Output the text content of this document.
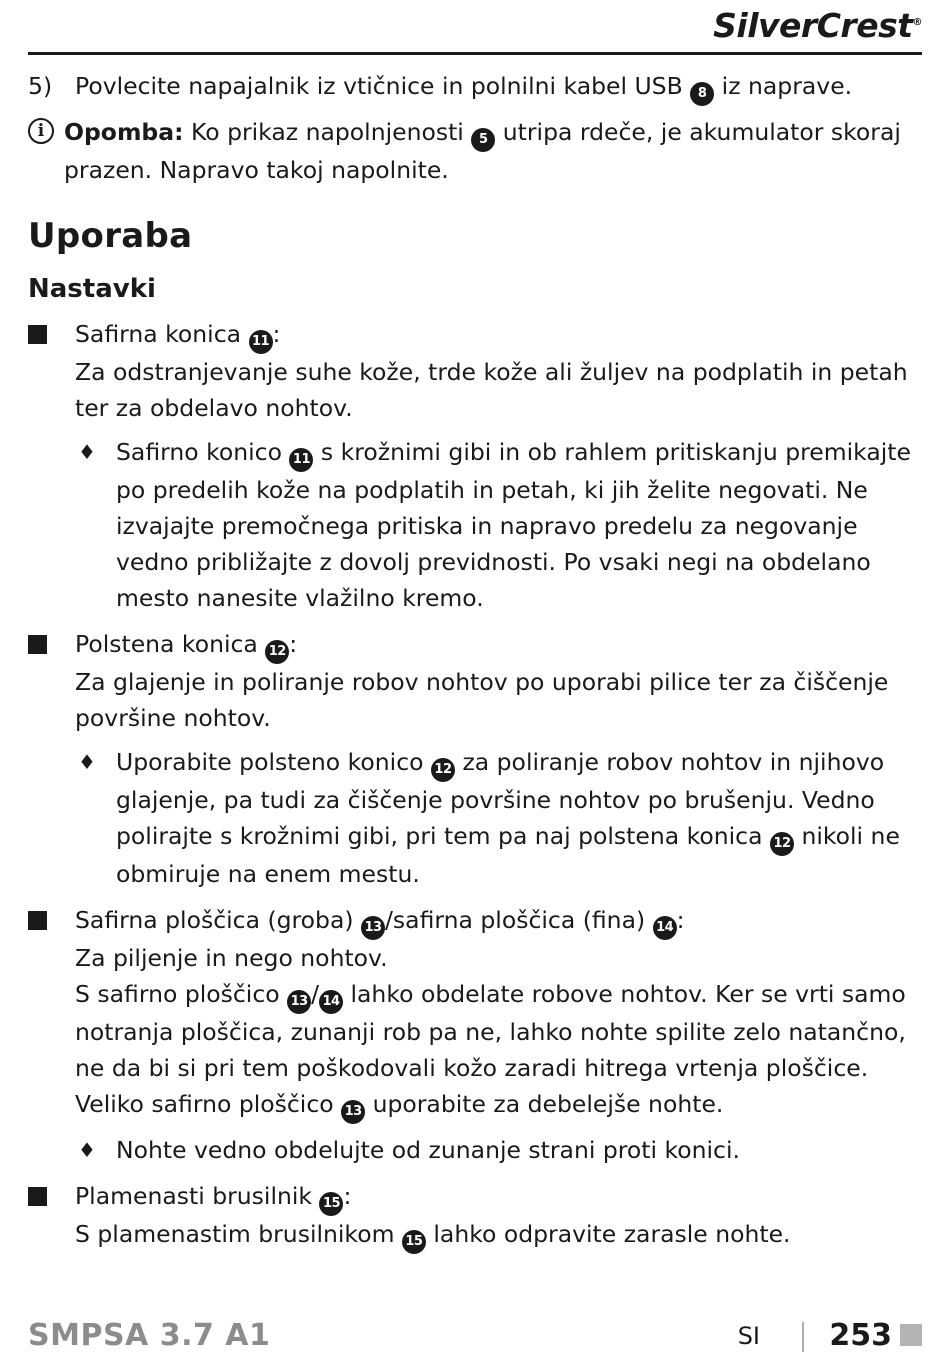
SilverCrest®
5) Povlecite napajalnik iz vtičnice in polnilni kabel USB 8 iz naprave.
i Opomba: Ko prikaz napolnjenosti 5 utripa rdeče, je akumulator skoraj prazen. Napravo takoj napolnite.
Uporaba
Nastavki
Safirna konica 11 :
Za odstranjevanje suhe kože, trde kože ali žuljev na podplatih in petah ter za obdelavo nohtov.
♦ Safirno konico 11 s krožnimi gibi in ob rahlem pritiskanju premikajte po predelih kože na podplatih in petah, ki jih želite negovati. Ne izvajajte premočnega pritiska in napravo predelu za negovanje vedno približajte z dovolj previdnosti. Po vsaki negi na obdelano mesto nanesite vlažilno kremo.
Polstena konica 12 :
Za glajenje in poliranje robov nohtov po uporabi pilice ter za čiščenje površine nohtov.
♦ Uporabite polsteno konico 12 za poliranje robov nohtov in njihovo glajenje, pa tudi za čiščenje površine nohtov po brušenju. Vedno polirajte s krožnimi gibi, pri tem pa naj polstena konica 12 nikoli ne obmiruje na enem mestu.
Safirna ploščica (groba) 13 /safirna ploščica (fina) 14 :
Za piljenje in nego nohtov.
S safirno ploščico 13 / 14 lahko obdelate robove nohtov. Ker se vrti samo notranja ploščica, zunanji rob pa ne, lahko nohte spilite zelo natančno, ne da bi si pri tem poškodovali kožo zaradi hitrega vrtenja ploščice. Veliko safirno ploščico 13 uporabite za debelejše nohte.
♦ Nohte vedno obdelujte od zunanje strani proti konici.
Plamenasti brusilnik 15 :
S plamenastim brusilnikom 15 lahko odpravite zarasle nohte.
SMPSA 3.7 A1	SI 253
